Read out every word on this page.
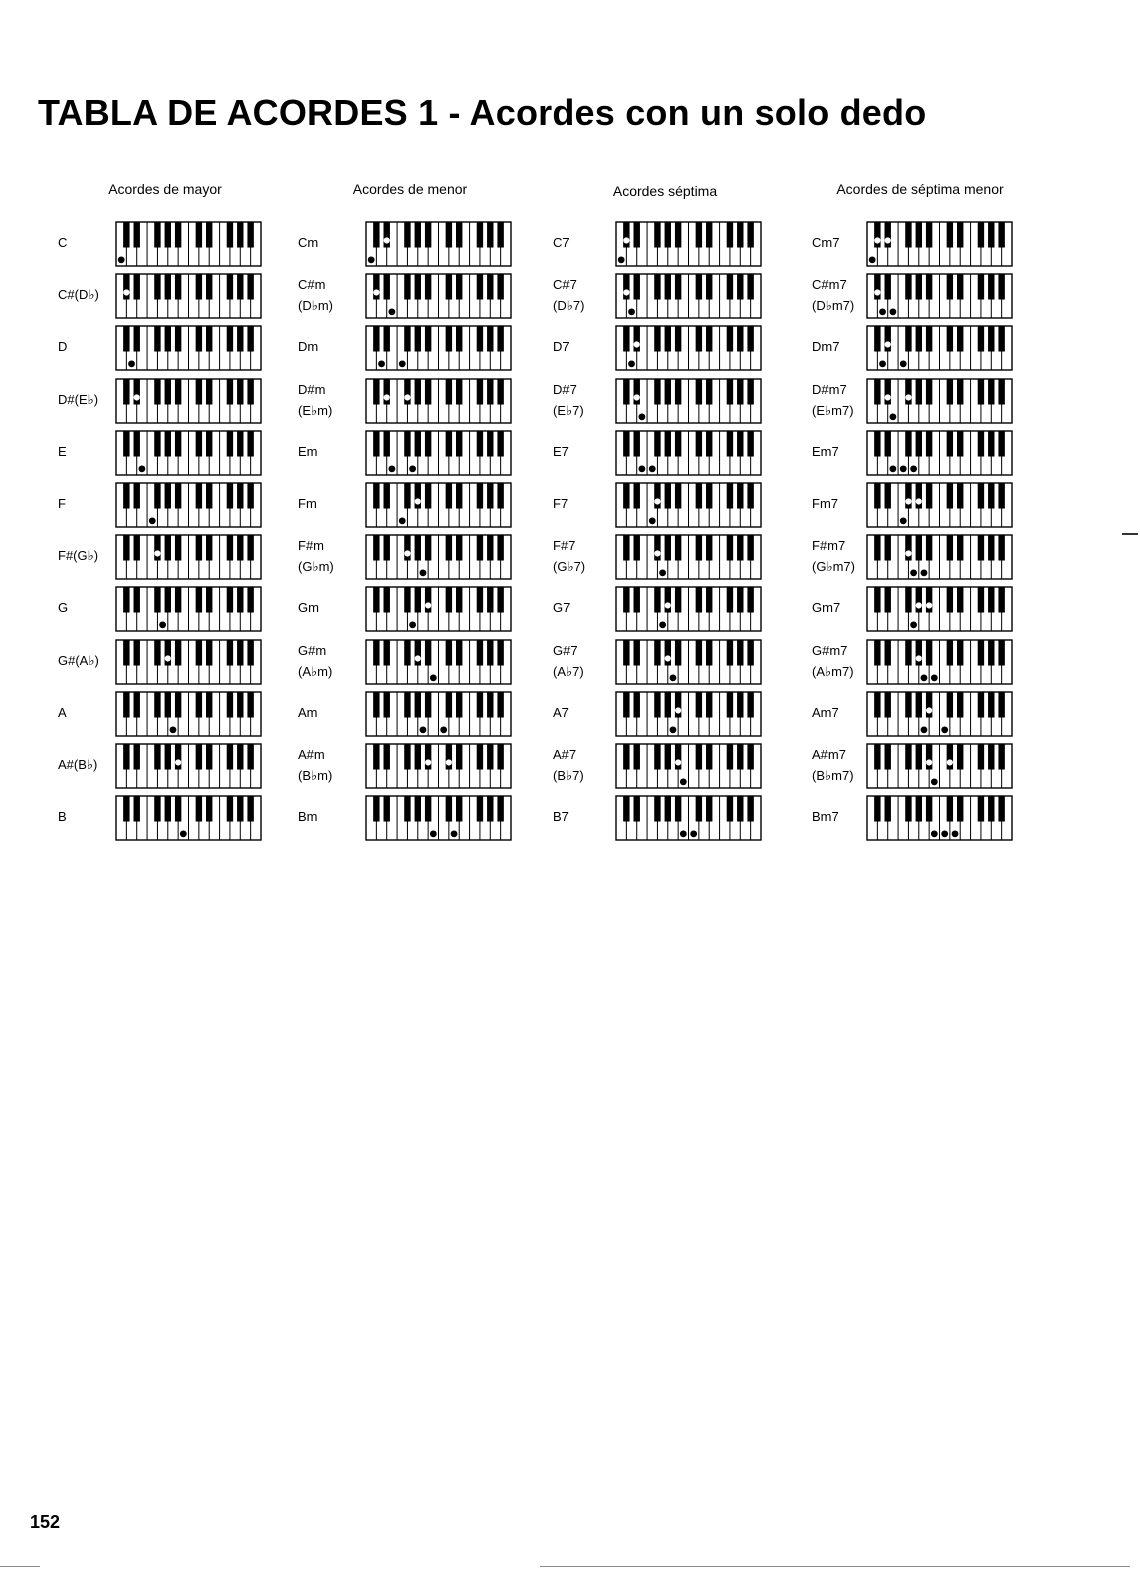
TABLA DE ACORDES 1 - Acordes con un solo dedo
Acordes de mayor
C
C#(D♭)
D
D#(E♭)
E
F
F#(G♭)
G
G#(A♭)
A
A#(B♭)
B
Acordes de menor
Cm
C#m
(D♭m)
Dm
D#m
(E♭m)
Em
Fm
F#m
(G♭m)
Gm
G#m
(A♭m)
Am
A#m
(B♭m)
Bm
Acordes séptima
C7
C#7
(D♭7)
D7
D#7
(E♭7)
E7
F7
F#7
(G♭7)
G7
G#7
(A♭7)
A7
A#7
(B♭7)
B7
Acordes de séptima menor
Cm7
C#m7
(D♭m7)
Dm7
D#m7
(E♭m7)
Em7
Fm7
F#m7
(G♭m7)
Gm7
G#m7
(A♭m7)
Am7
A#m7
(B♭m7)
Bm7
152
